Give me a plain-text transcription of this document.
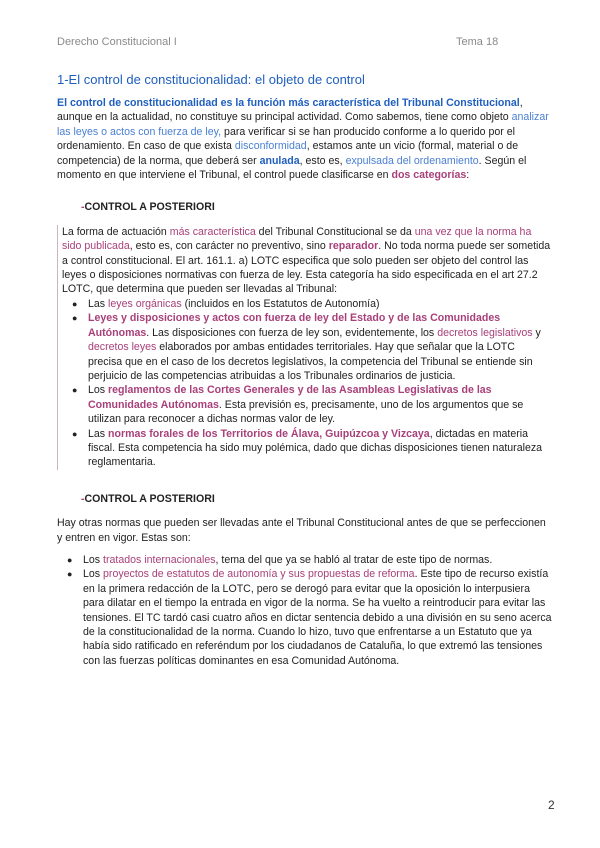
Derecho Constitucional I	Tema 18
1-El control de constitucionalidad: el objeto de control

El control de constitucionalidad es la función más característica del Tribunal Constitucional, aunque en la actualidad, no constituye su principal actividad. Como sabemos, tiene como objeto analizar las leyes o actos con fuerza de ley, para verificar si se han producido conforme a lo querido por el ordenamiento. En caso de que exista disconformidad, estamos ante un vicio (formal, material o de competencia) de la norma, que deberá ser anulada, esto es, expulsada del ordenamiento. Según el momento en que interviene el Tribunal, el control puede clasificarse en dos categorías:

-CONTROL A POSTERIORI

La forma de actuación más característica del Tribunal Constitucional se da una vez que la norma ha sido publicada, esto es, con carácter no preventivo, sino reparador. No toda norma puede ser sometida a control constitucional. El art. 161.1. a) LOTC especifica que solo pueden ser objeto del control las leyes o disposiciones normativas con fuerza de ley. Esta categoría ha sido especificada en el art 27.2 LOTC, que determina que pueden ser llevadas al Tribunal:

● Las leyes orgánicas (incluidos en los Estatutos de Autonomía)
● Leyes y disposiciones y actos con fuerza de ley del Estado y de las Comunidades Autónomas. Las disposiciones con fuerza de ley son, evidentemente, los decretos legislativos y decretos leyes elaborados por ambas entidades territoriales. Hay que señalar que la LOTC precisa que en el caso de los decretos legislativos, la competencia del Tribunal se entiende sin perjuicio de las competencias atribuidas a los Tribunales ordinarios de justicia.
● Los reglamentos de las Cortes Generales y de las Asambleas Legislativas de las Comunidades Autónomas. Esta previsión es, precisamente, uno de los argumentos que se utilizan para reconocer a dichas normas valor de ley.
● Las normas forales de los Territorios de Álava, Guipúzcoa y Vizcaya, dictadas en materia fiscal. Esta competencia ha sido muy polémica, dado que dichas disposiciones tienen naturaleza reglamentaria.
-CONTROL A POSTERIORI

Hay otras normas que pueden ser llevadas ante el Tribunal Constitucional antes de que se perfeccionen y entren en vigor. Estas son:

● Los tratados internacionales, tema del que ya se habló al tratar de este tipo de normas.
● Los proyectos de estatutos de autonomía y sus propuestas de reforma. Este tipo de recurso existía en la primera redacción de la LOTC, pero se derogó para evitar que la oposición lo interpusiera para dilatar en el tiempo la entrada en vigor de la norma. Se ha vuelto a reintroducir para evitar las tensiones. El TC tardó casi cuatro años en dictar sentencia debido a una división en su seno acerca de la constitucionalidad de la norma. Cuando lo hizo, tuvo que enfrentarse a un Estatuto que ya había sido ratificado en referéndum por los ciudadanos de Cataluña, lo que extremó las tensiones con las fuerzas políticas dominantes en esa Comunidad Autónoma.
2
